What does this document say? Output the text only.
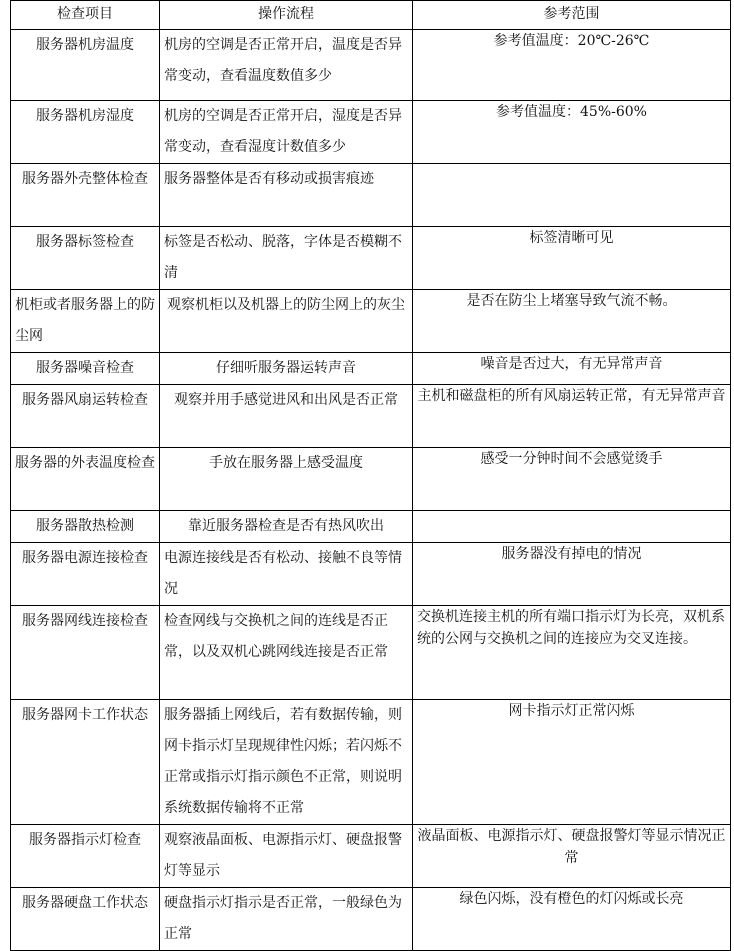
检查项目	操作流程	参考范围
服务器机房温度	机房的空调是否正常开启，温度是否异常变动，查看温度数值多少	参考值温度：20℃-26℃
服务器机房湿度	机房的空调是否正常开启，湿度是否异常变动，查看湿度计数值多少	参考值温度：45%-60%
服务器外壳整体检查	服务器整体是否有移动或损害痕迹	
服务器标签检查	标签是否松动、脱落，字体是否模糊不清	标签清晰可见
机柜或者服务器上的防尘网	观察机柜以及机器上的防尘网上的灰尘	是否在防尘上堵塞导致气流不畅。
服务器噪音检查	仔细听服务器运转声音	噪音是否过大，有无异常声音
服务器风扇运转检查	观察并用手感觉进风和出风是否正常	主机和磁盘柜的所有风扇运转正常，有无异常声音
服务器的外表温度检查	手放在服务器上感受温度	感受一分钟时间不会感觉烫手
服务器散热检测	靠近服务器检查是否有热风吹出	
服务器电源连接检查	电源连接线是否有松动、接触不良等情况	服务器没有掉电的情况
服务器网线连接检查	检查网线与交换机之间的连线是否正常，以及双机心跳网线连接是否正常	交换机连接主机的所有端口指示灯为长亮，双机系统的公网与交换机之间的连接应为交叉连接。
服务器网卡工作状态	服务器插上网线后，若有数据传输，则网卡指示灯呈现规律性闪烁；若闪烁不正常或指示灯指示颜色不正常，则说明系统数据传输将不正常	网卡指示灯正常闪烁
服务器指示灯检查	观察液晶面板、电源指示灯、硬盘报警灯等显示	液晶面板、电源指示灯、硬盘报警灯等显示情况正常
服务器硬盘工作状态	硬盘指示灯指示是否正常，一般绿色为正常	绿色闪烁，没有橙色的灯闪烁或长亮
